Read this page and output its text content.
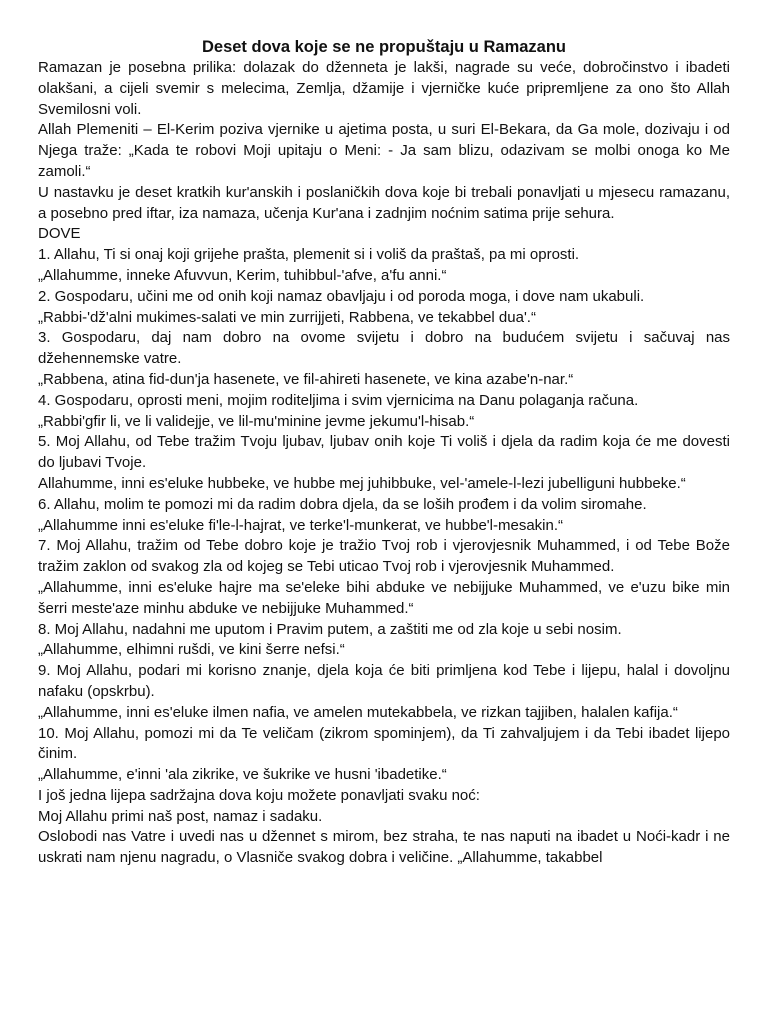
Deset dova koje se ne propuštaju u Ramazanu

Ramazan je posebna prilika: dolazak do dženneta je lakši, nagrade su veće, dobročinstvo i ibadeti olakšani, a cijeli svemir s melecima, Zemlja, džamije i vjerničke kuće pripremljene za ono što Allah Svemilosni voli.

Allah Plemeniti – El-Kerim poziva vjernike u ajetima posta, u suri El-Bekara, da Ga mole, dozivaju i od Njega traže: „Kada te robovi Moji upitaju o Meni: - Ja sam blizu, odazivam se molbi onoga ko Me zamoli.“

U nastavku je deset kratkih kur'anskih i poslaničkih dova koje bi trebali ponavljati u mjesecu ramazanu, a posebno pred iftar, iza namaza, učenja Kur'ana i zadnjim noćnim satima prije sehura.

DOVE

1. Allahu, Ti si onaj koji grijehe prašta, plemenit si i voliš da praštaš, pa mi oprosti.

„Allahumme, inneke Afuvvun, Kerim, tuhibbul-'afve, a'fu anni.“

2. Gospodaru, učini me od onih koji namaz obavljaju i od poroda moga, i dove nam ukabuli.

„Rabbi-'dž'alni mukimes-salati ve min zurrijjeti, Rabbena, ve tekabbel dua'.“

3. Gospodaru, daj nam dobro na ovome svijetu i dobro na budućem svijetu i sačuvaj nas džehennemske vatre.

„Rabbena, atina fid-dun'ja hasenete, ve fil-ahireti hasenete, ve kina azabe'n-nar.“

4. Gospodaru, oprosti meni, mojim roditeljima i svim vjernicima na Danu polaganja računa.

„Rabbi'gfir li, ve li validejje, ve lil-mu'minine jevme jekumu'l-hisab.“

5. Moj Allahu, od Tebe tražim Tvoju ljubav, ljubav onih koje Ti voliš i djela da radim koja će me dovesti do ljubavi Tvoje.

Allahumme, inni es'eluke hubbeke, ve hubbe mej juhibbuke, vel-'amele-l-lezi jubelliguni hubbeke.“

6. Allahu, molim te pomozi mi da radim dobra djela, da se loših prođem i da volim siromahe.

„Allahumme inni es'eluke fi'le-l-hajrat, ve terke'l-munkerat, ve hubbe'l-mesakin.“

7. Moj Allahu, tražim od Tebe dobro koje je tražio Tvoj rob i vjerovjesnik Muhammed, i od Tebe Bože tražim zaklon od svakog zla od kojeg se Tebi uticao Tvoj rob i vjerovjesnik Muhammed.

„Allahumme, inni es'eluke hajre ma se'eleke bihi abduke ve nebijjuke Muhammed, ve e'uzu bike min šerri meste'aze minhu abduke ve nebijjuke Muhammed.“

8. Moj Allahu, nadahni me uputom i Pravim putem, a zaštiti me od zla koje u sebi nosim.

„Allahumme, elhimni rušdi, ve kini šerre nefsi.“

9. Moj Allahu, podari mi korisno znanje, djela koja će biti primljena kod Tebe i lijepu, halal i dovoljnu nafaku (opskrbu).

„Allahumme, inni es'eluke ilmen nafia, ve amelen mutekabbela, ve rizkan tajjiben, halalen kafija.“

10. Moj Allahu, pomozi mi da Te veličam (zikrom spominjem), da Ti zahvaljujem i da Tebi ibadet lijepo činim.

„Allahumme, e'inni 'ala zikrike, ve šukrike ve husni 'ibadetike.“

I još jedna lijepa sadržajna dova koju možete ponavljati svaku noć:

Moj Allahu primi naš post, namaz i sadaku.

Oslobodi nas Vatre i uvedi nas u džennet s mirom, bez straha, te nas naputi na ibadet u Noći-kadr i ne uskrati nam njenu nagradu, o Vlasniče svakog dobra i veličine. „Allahumme, takabbel
